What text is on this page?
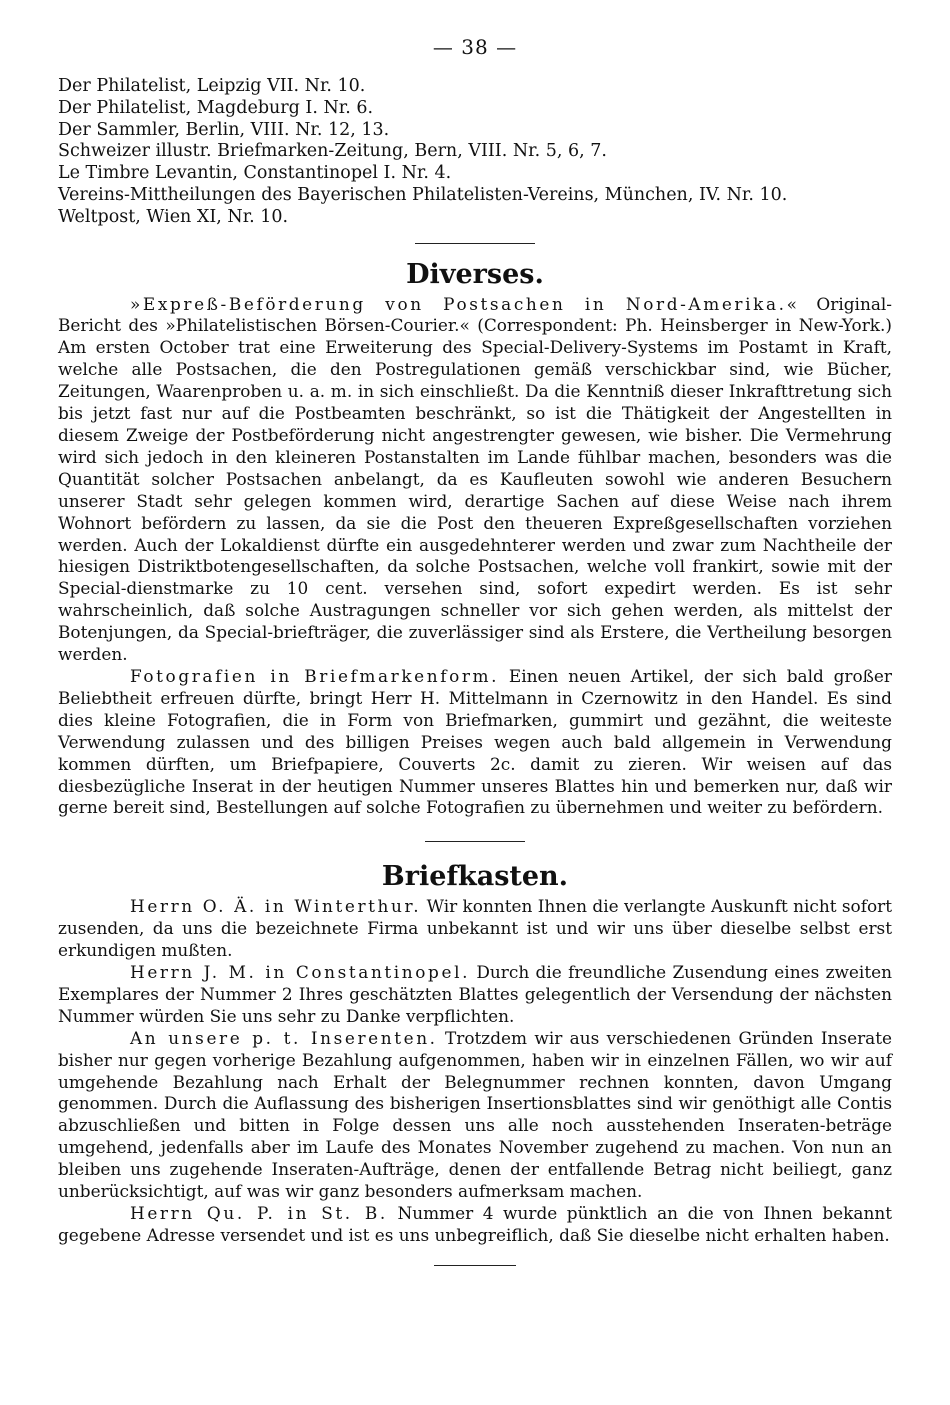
— 38 —
Der Philatelist, Leipzig VII. Nr. 10.
Der Philatelist, Magdeburg I. Nr. 6.
Der Sammler, Berlin, VIII. Nr. 12, 13.
Schweizer illustr. Briefmarken-Zeitung, Bern, VIII. Nr. 5, 6, 7.
Le Timbre Levantin, Constantinopel I. Nr. 4.
Vereins-Mittheilungen des Bayerischen Philatelisten-Vereins, München, IV. Nr. 10.
Weltpost, Wien XI, Nr. 10.
Diverses.

»Expreß-Beförderung von Postsachen in Nord-Amerika.« Original-Bericht des »Philatelistischen Börsen-Courier.« (Correspondent: Ph. Heinsberger in New-York.) Am ersten October trat eine Erweiterung des Special-Delivery-Systems im Postamt in Kraft, welche alle Postsachen, die den Postregulationen gemäß verschickbar sind, wie Bücher, Zeitungen, Waarenproben u. a. m. in sich einschließt. Da die Kenntniß dieser Inkrafttretung sich bis jetzt fast nur auf die Postbeamten beschränkt, so ist die Thätigkeit der Angestellten in diesem Zweige der Postbeförderung nicht angestrengter gewesen, wie bisher. Die Vermehrung wird sich jedoch in den kleineren Postanstalten im Lande fühlbar machen, besonders was die Quantität solcher Postsachen anbelangt, da es Kaufleuten sowohl wie anderen Besuchern unserer Stadt sehr gelegen kommen wird, derartige Sachen auf diese Weise nach ihrem Wohnort befördern zu lassen, da sie die Post den theueren Expreßgesellschaften vorziehen werden. Auch der Lokaldienst dürfte ein ausgedehnterer werden und zwar zum Nachtheile der hiesigen Distriktbotengesellschaften, da solche Postsachen, welche voll frankirt, sowie mit der Special-dienstmarke zu 10 cent. versehen sind, sofort expedirt werden. Es ist sehr wahrscheinlich, daß solche Austragungen schneller vor sich gehen werden, als mittelst der Botenjungen, da Special-briefträger, die zuverlässiger sind als Erstere, die Vertheilung besorgen werden.

Fotografien in Briefmarkenform. Einen neuen Artikel, der sich bald großer Beliebtheit erfreuen dürfte, bringt Herr H. Mittelmann in Czernowitz in den Handel. Es sind dies kleine Fotografien, die in Form von Briefmarken, gummirt und gezähnt, die weiteste Verwendung zulassen und des billigen Preises wegen auch bald allgemein in Verwendung kommen dürften, um Briefpapiere, Couverts 2c. damit zu zieren. Wir weisen auf das diesbezügliche Inserat in der heutigen Nummer unseres Blattes hin und bemerken nur, daß wir gerne bereit sind, Bestellungen auf solche Fotografien zu übernehmen und weiter zu befördern.

Briefkasten.

Herrn O. Ä. in Winterthur. Wir konnten Ihnen die verlangte Auskunft nicht sofort zusenden, da uns die bezeichnete Firma unbekannt ist und wir uns über dieselbe selbst erst erkundigen mußten.

Herrn J. M. in Constantinopel. Durch die freundliche Zusendung eines zweiten Exemplares der Nummer 2 Ihres geschätzten Blattes gelegentlich der Versendung der nächsten Nummer würden Sie uns sehr zu Danke verpflichten.

An unsere p. t. Inserenten. Trotzdem wir aus verschiedenen Gründen Inserate bisher nur gegen vorherige Bezahlung aufgenommen, haben wir in einzelnen Fällen, wo wir auf umgehende Bezahlung nach Erhalt der Belegnummer rechnen konnten, davon Umgang genommen. Durch die Auflassung des bisherigen Insertionsblattes sind wir genöthigt alle Contis abzuschließen und bitten in Folge dessen uns alle noch ausstehenden Inseraten-beträge umgehend, jedenfalls aber im Laufe des Monates November zugehend zu machen. Von nun an bleiben uns zugehende Inseraten-Aufträge, denen der entfallende Betrag nicht beiliegt, ganz unberücksichtigt, auf was wir ganz besonders aufmerksam machen.

Herrn Qu. P. in St. B. Nummer 4 wurde pünktlich an die von Ihnen bekannt gegebene Adresse versendet und ist es uns unbegreiflich, daß Sie dieselbe nicht erhalten haben.
